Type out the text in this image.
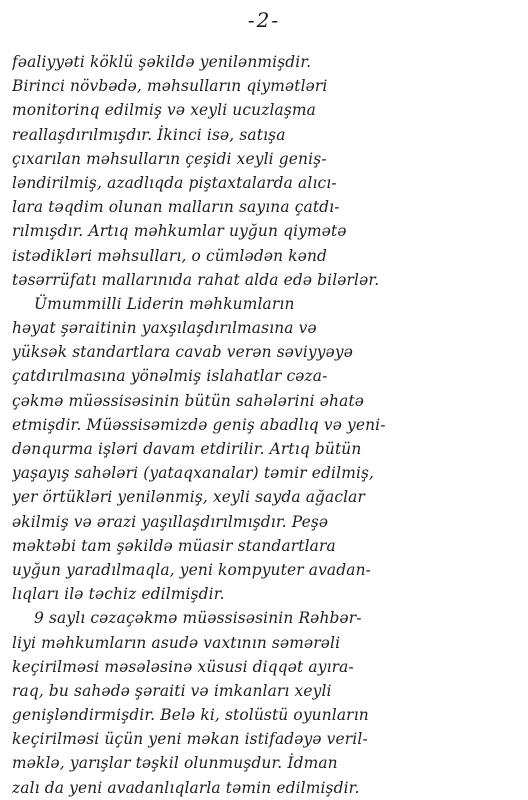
-2-
fəaliyyəti köklü şəkildə yenilənmişdir.
Birinci növbədə, məhsulların qiymətləri
monitorinq edilmiş və xeyli ucuzlaşma
reallaşdırılmışdır. İkinci isə, satışa
çıxarılan məhsulların çeşidi xeyli geniş-
ləndirilmiş, azadlıqda piştaxtalarda alıcı-
lara təqdim olunan malların sayına çatdı-
rılmışdır. Artıq məhkumlar uyğun qiymətə
istədikləri məhsulları, o cümlədən kənd
təsərrüfatı mallarınıda rahat alda edə bilərlər.
Ümummilli Liderin məhkumların
həyat şəraitinin yaxşılaşdırılmasına və
yüksək standartlara cavab verən səviyyəyə
çatdırılmasına yönəlmiş islahatlar cəza-
çəkmə müəssisəsinin bütün sahələrini əhatə
etmişdir. Müəssisəmizdə geniş abadlıq və yeni-
dənqurma işləri davam etdirilir. Artıq bütün
yaşayış sahələri (yataqxanalar) təmir edilmiş,
yer örtükləri yenilənmiş, xeyli sayda ağaclar
əkilmiş və ərazi yaşıllaşdırılmışdır. Peşə
məktəbi tam şəkildə müasir standartlara
uyğun yaradılmaqla, yeni kompyuter avadan-
lıqları ilə təchiz edilmişdir.
9 saylı cəzaçəkmə müəssisəsinin Rəhbər-
liyi məhkumların asudə vaxtının səmərəli
keçirilməsi məsələsinə xüsusi diqqət ayıra-
raq, bu sahədə şəraiti və imkanları xeyli
genişləndirmişdir. Belə ki, stolüstü oyunların
keçirilməsi üçün yeni məkan istifadəyə veril-
məklə, yarışlar təşkil olunmuşdur. İdman
zalı da yeni avadanlıqlarla təmin edilmişdir.
